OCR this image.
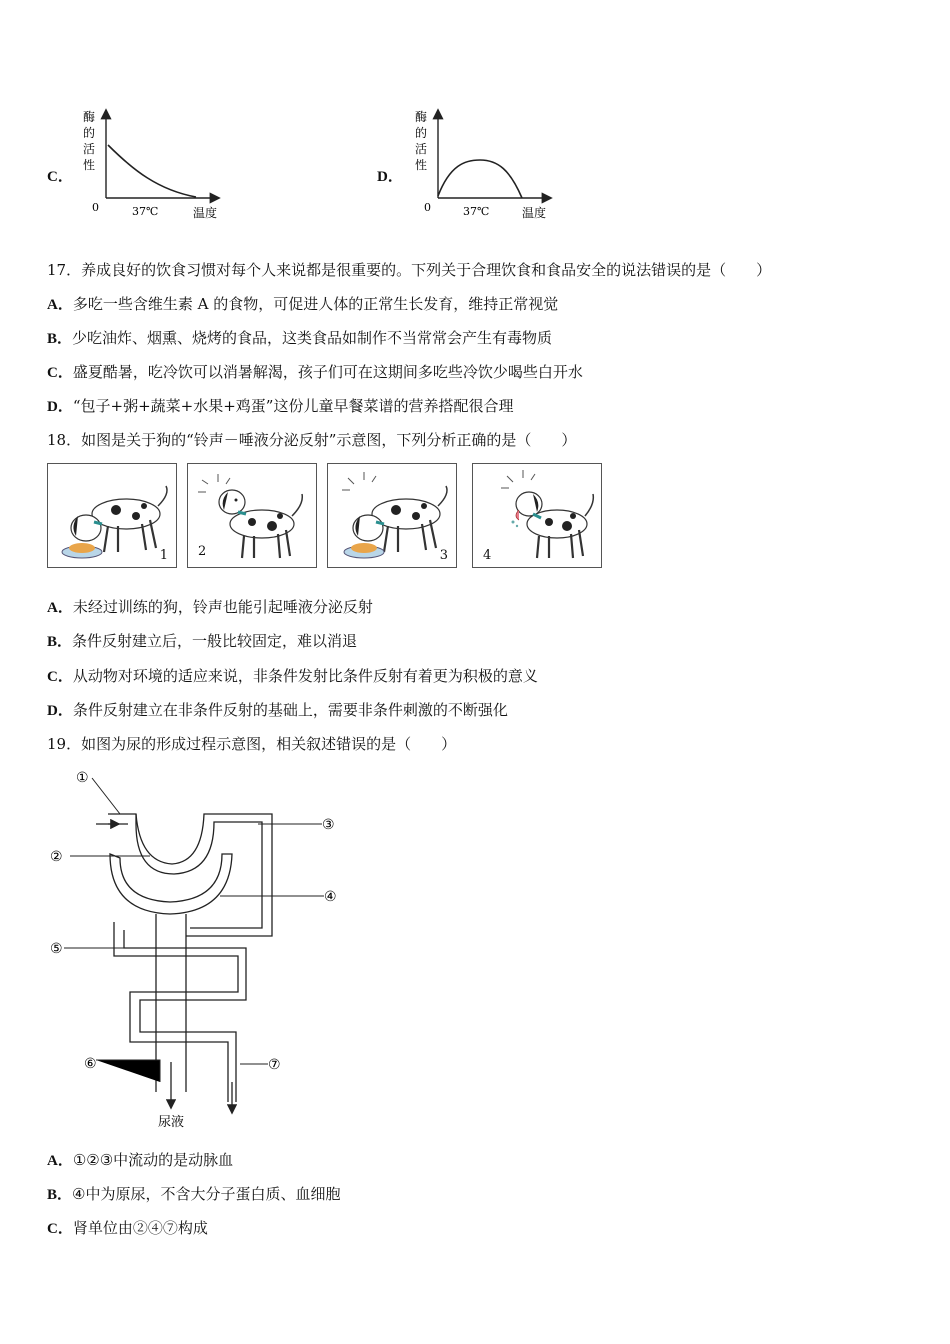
C．
酶
的
活
性
0	37℃	温度
D．
酶
的
活
性
0	37℃	温度
17．养成良好的饮食习惯对每个人来说都是很重要的。下列关于合理饮食和食品安全的说法错误的是（　　）
A．多吃一些含维生素 A 的食物，可促进人体的正常生长发育，维持正常视觉
B．少吃油炸、烟熏、烧烤的食品，这类食品如制作不当常常会产生有毒物质
C．盛夏酷暑，吃冷饮可以消暑解渴，孩子们可在这期间多吃些冷饮少喝些白开水
D．“包子+粥+蔬菜+水果+鸡蛋”这份儿童早餐菜谱的营养搭配很合理
18．如图是关于狗的“铃声－唾液分泌反射”示意图，下列分析正确的是（　　）
1 2	3	4
A．未经过训练的狗，铃声也能引起唾液分泌反射
B．条件反射建立后，一般比较固定，难以消退
C．从动物对环境的适应来说，非条件发射比条件反射有着更为积极的意义
D．条件反射建立在非条件反射的基础上，需要非条件刺激的不断强化
19．如图为尿的形成过程示意图，相关叙述错误的是（　　）
①
②
③
④
⑤
⑥	⑦
尿液
A．①②③中流动的是动脉血
B．④中为原尿，不含大分子蛋白质、血细胞
C．肾单位由②④⑦构成
